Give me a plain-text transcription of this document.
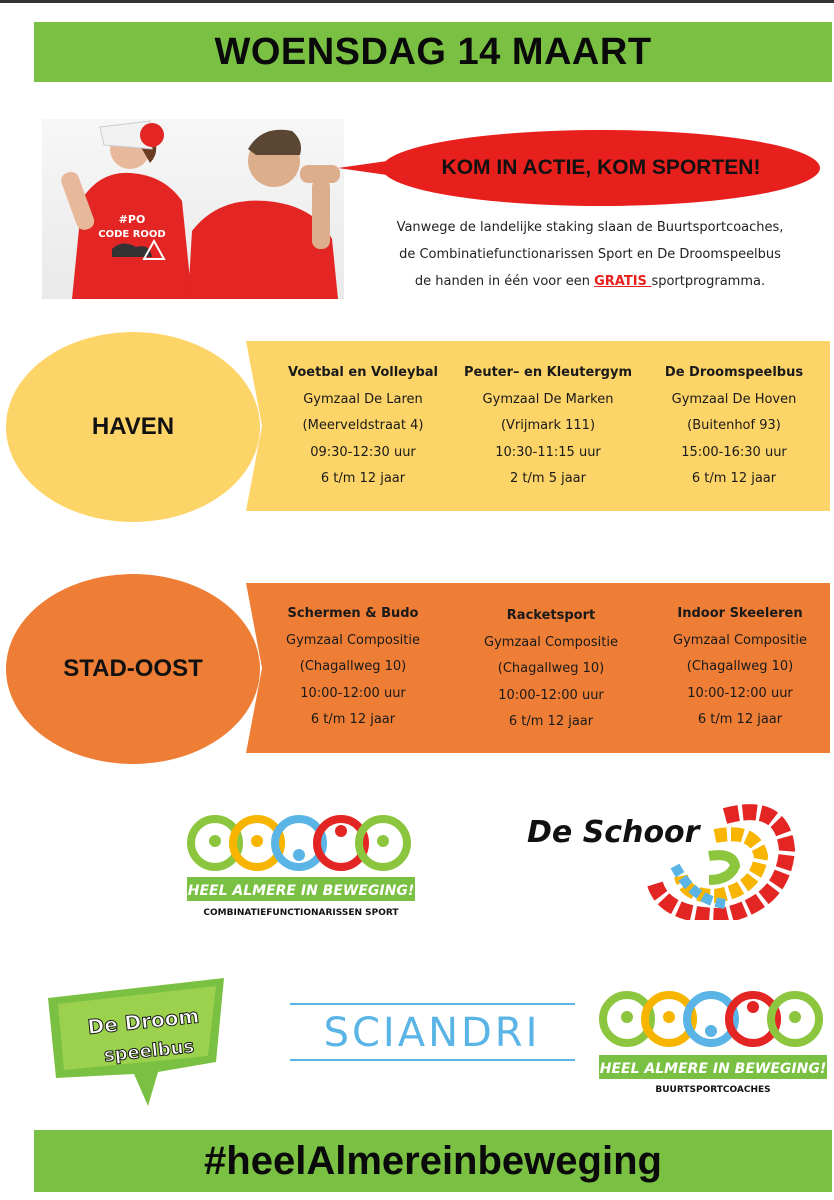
WOENSDAG 14 MAART
#PO
CODE ROOD
KOM IN ACTIE, KOM SPORTEN!
Vanwege de landelijke staking slaan de Buurtsportcoaches,
de Combinatiefunctionarissen Sport en De Droomspeelbus
de handen in één voor een GRATIS sportprogramma.
HAVEN
Voetbal en Volleybal
Gymzaal De Laren
(Meerveldstraat 4)
09:30-12:30 uur
6 t/m 12 jaar
Peuter– en Kleutergym
Gymzaal De Marken
(Vrijmark 111)
10:30-11:15 uur
2 t/m 5 jaar
De Droomspeelbus
Gymzaal De Hoven
(Buitenhof 93)
15:00-16:30 uur
6 t/m 12 jaar
STAD-OOST
Schermen & Budo
Gymzaal Compositie
(Chagallweg 10)
10:00-12:00 uur
6 t/m 12 jaar
Racketsport
Gymzaal Compositie
(Chagallweg 10)
10:00-12:00 uur
6 t/m 12 jaar
Indoor Skeeleren
Gymzaal Compositie
(Chagallweg 10)
10:00-12:00 uur
6 t/m 12 jaar
HEEL ALMERE IN BEWEGING!
COMBINATIEFUNCTIONARISSEN SPORT
De Schoor
De Droom
speelbus	SCIANDRI
HEEL ALMERE IN BEWEGING!
BUURTSPORTCOACHES
#heelAlmereinbeweging
